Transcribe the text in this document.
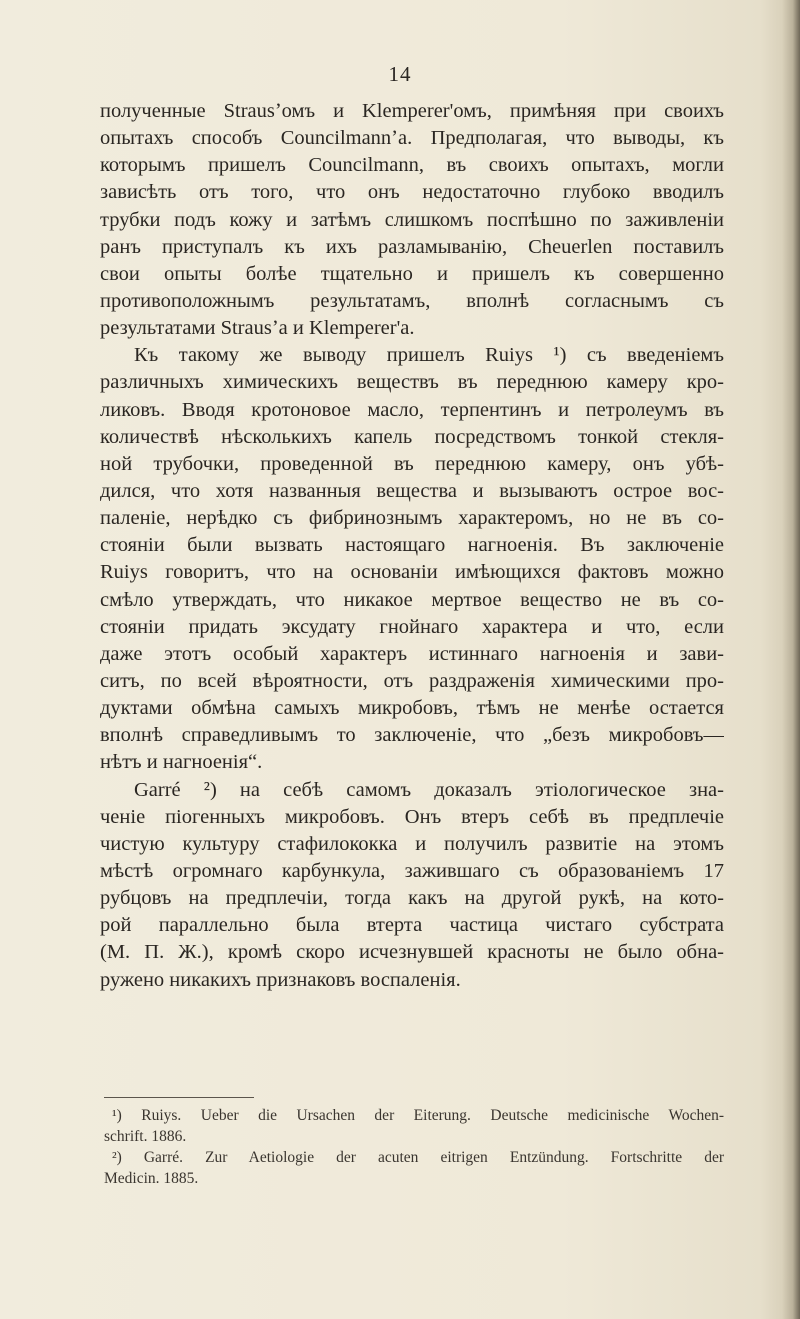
14
полученные Strausʼомъ и Klemperer'омъ, примѣняя при своихъ
опытахъ способъ Councilmannʼa. Предполагая, что выводы, къ
которымъ пришелъ Councilmann, въ своихъ опытахъ, могли
зависѣть отъ того, что онъ недостаточно глубоко вводилъ
трубки подъ кожу и затѣмъ слишкомъ поспѣшно по заживленіи
ранъ приступалъ къ ихъ разламыванію, Cheuerlen поставилъ
свои опыты болѣе тщательно и пришелъ къ совершенно
противоположнымъ результатамъ, вполнѣ согласнымъ съ
результатами Strausʼa и Klemperer'a.
Къ такому же выводу пришелъ Ruiys ¹) съ введеніемъ
различныхъ химическихъ веществъ въ переднюю камеру кро-
ликовъ. Вводя кротоновое масло, терпентинъ и петролеумъ въ
количествѣ нѣсколькихъ капель посредствомъ тонкой стекля-
ной трубочки, проведенной въ переднюю камеру, онъ убѣ-
дился, что хотя названныя вещества и вызываютъ острое вос-
паленіе, нерѣдко съ фибринознымъ характеромъ, но не въ со-
стояніи были вызвать настоящаго нагноенія. Въ заключеніе
Ruiys говоритъ, что на основаніи имѣющихся фактовъ можно
смѣло утверждать, что никакое мертвое вещество не въ со-
стояніи придать эксудату гнойнаго характера и что, если
даже этотъ особый характеръ истиннаго нагноенія и зави-
ситъ, по всей вѣроятности, отъ раздраженія химическими про-
дуктами обмѣна самыхъ микробовъ, тѣмъ не менѣе остается
вполнѣ справедливымъ то заключеніе, что „безъ микробовъ—
нѣтъ и нагноенія“.
Garré ²) на себѣ самомъ доказалъ этіологическое зна-
ченіе піогенныхъ микробовъ. Онъ втеръ себѣ въ предплечіе
чистую культуру стафилококка и получилъ развитіе на этомъ
мѣстѣ огромнаго карбункула, зажившаго съ образованіемъ 17
рубцовъ на предплечіи, тогда какъ на другой рукѣ, на кото-
рой параллельно была втерта частица чистаго субстрата
(М. П. Ж.), кромѣ скоро исчезнувшей красноты не было обна-
ружено никакихъ признаковъ воспаленія.
¹) Ruiys. Ueber die Ursachen der Eiterung. Deutsche medicinische Wochen-
schrift. 1886.
²) Garré. Zur Aetiologie der acuten eitrigen Entzündung. Fortschritte der
Medicin. 1885.
